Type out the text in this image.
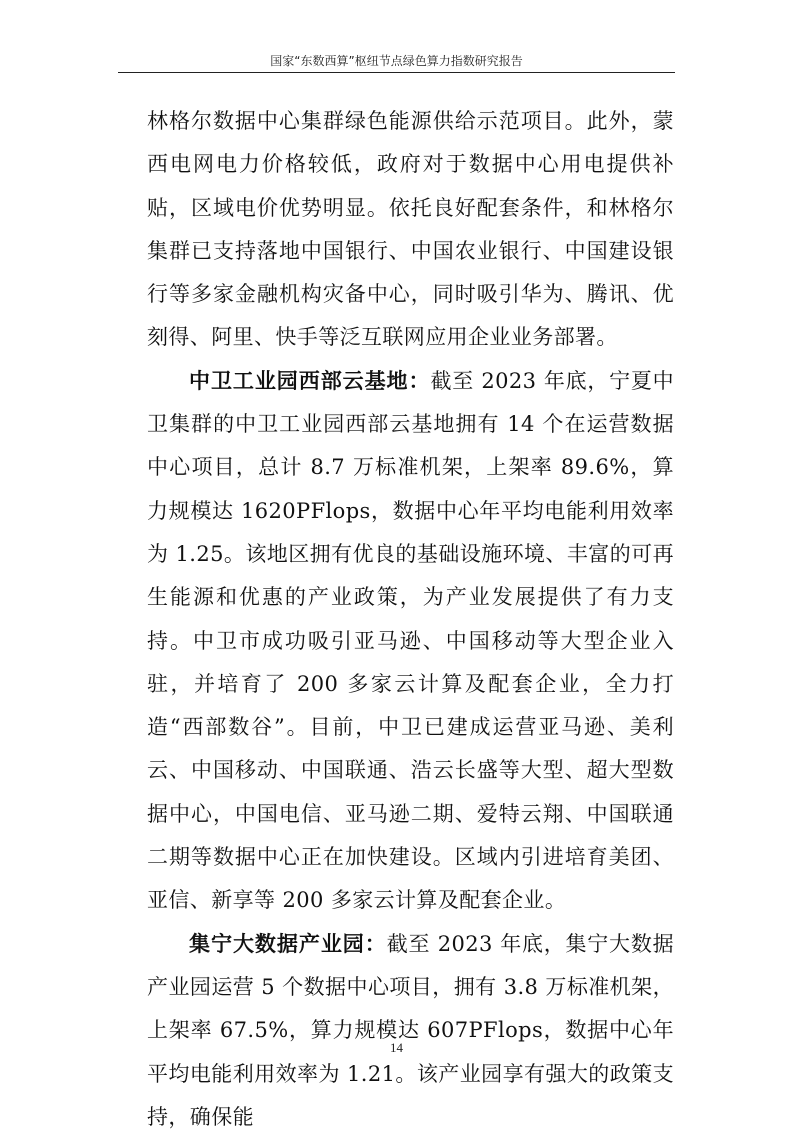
国家“东数西算”枢纽节点绿色算力指数研究报告

林格尔数据中心集群绿色能源供给示范项目。此外，蒙西电网电力价格较低，政府对于数据中心用电提供补贴，区域电价优势明显。依托良好配套条件，和林格尔集群已支持落地中国银行、中国农业银行、中国建设银行等多家金融机构灾备中心，同时吸引华为、腾讯、优刻得、阿里、快手等泛互联网应用企业业务部署。

中卫工业园西部云基地：截至 2023 年底，宁夏中卫集群的中卫工业园西部云基地拥有 14 个在运营数据中心项目，总计 8.7 万标准机架，上架率 89.6%，算力规模达 1620PFlops，数据中心年平均电能利用效率为 1.25。该地区拥有优良的基础设施环境、丰富的可再生能源和优惠的产业政策，为产业发展提供了有力支持。中卫市成功吸引亚马逊、中国移动等大型企业入驻，并培育了 200 多家云计算及配套企业，全力打造“西部数谷”。目前，中卫已建成运营亚马逊、美利云、中国移动、中国联通、浩云长盛等大型、超大型数据中心，中国电信、亚马逊二期、爱特云翔、中国联通二期等数据中心正在加快建设。区域内引进培育美团、亚信、新享等 200 多家云计算及配套企业。

集宁大数据产业园：截至 2023 年底，集宁大数据产业园运营 5 个数据中心项目，拥有 3.8 万标准机架，上架率 67.5%，算力规模达 607PFlops，数据中心年平均电能利用效率为 1.21。该产业园享有强大的政策支持，确保能

14
